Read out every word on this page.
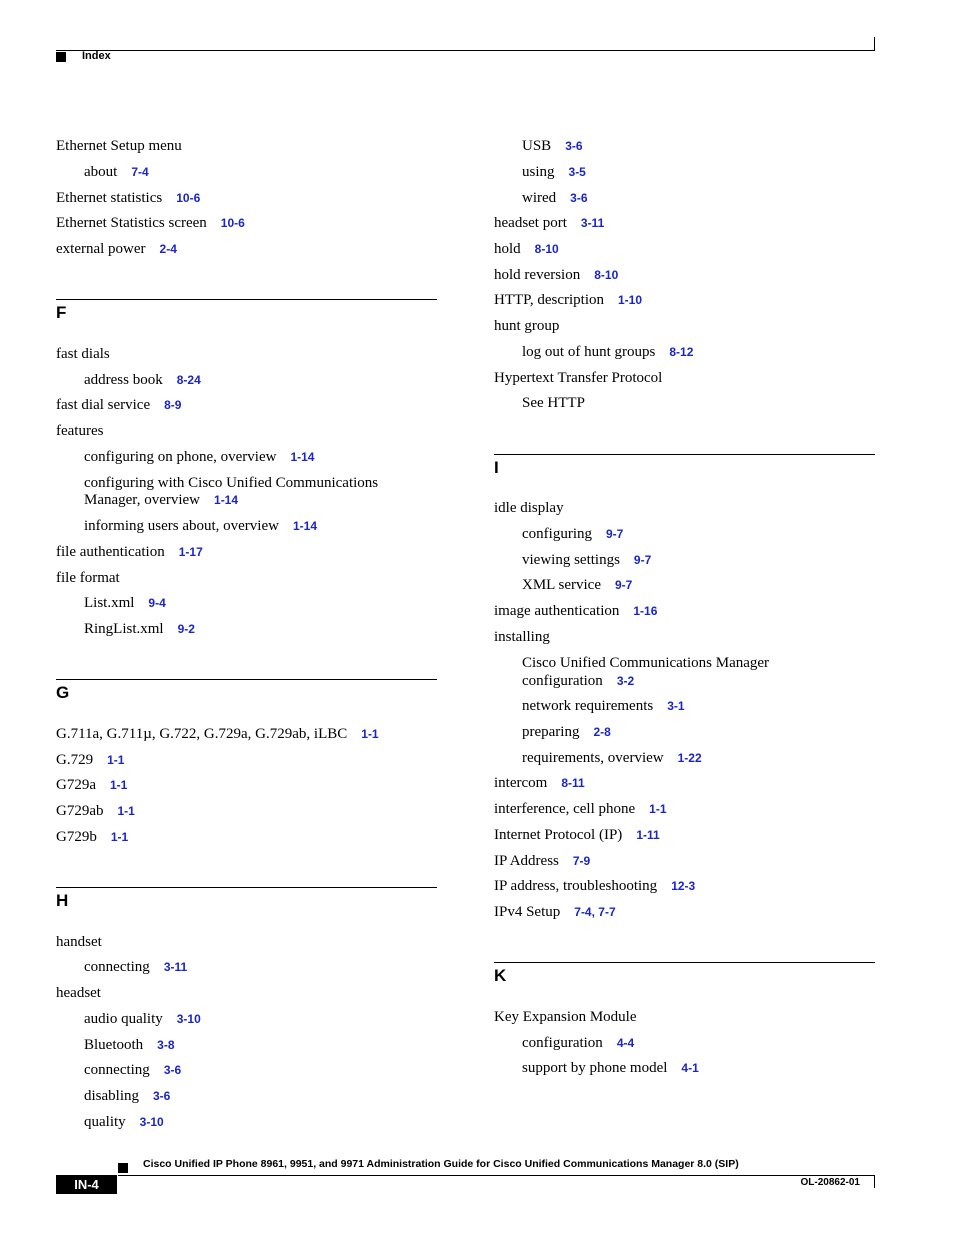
Index
Ethernet Setup menu
about 7-4
Ethernet statistics 10-6
Ethernet Statistics screen 10-6
external power 2-4
F
fast dials
address book 8-24
fast dial service 8-9
features
configuring on phone, overview 1-14
configuring with Cisco Unified Communications
Manager, overview 1-14
informing users about, overview 1-14
file authentication 1-17
file format
List.xml 9-4
RingList.xml 9-2
G
G.711a, G.711µ, G.722, G.729a, G.729ab, iLBC 1-1
G.729 1-1
G729a 1-1
G729ab 1-1
G729b 1-1
H
handset
connecting 3-11
headset
audio quality 3-10
Bluetooth 3-8
connecting 3-6
disabling 3-6
quality 3-10
USB 3-6
using 3-5
wired 3-6
headset port 3-11
hold 8-10
hold reversion 8-10
HTTP, description 1-10
hunt group
log out of hunt groups 8-12
Hypertext Transfer Protocol
See HTTP
I
idle display
configuring 9-7
viewing settings 9-7
XML service 9-7
image authentication 1-16
installing
Cisco Unified Communications Manager
configuration 3-2
network requirements 3-1
preparing 2-8
requirements, overview 1-22
intercom 8-11
interference, cell phone 1-1
Internet Protocol (IP) 1-11
IP Address 7-9
IP address, troubleshooting 12-3
IPv4 Setup 7-4, 7-7
K
Key Expansion Module
configuration 4-4
support by phone model 4-1
Cisco Unified IP Phone 8961, 9951, and 9971 Administration Guide for Cisco Unified Communications Manager 8.0 (SIP)
IN-4	OL-20862-01
